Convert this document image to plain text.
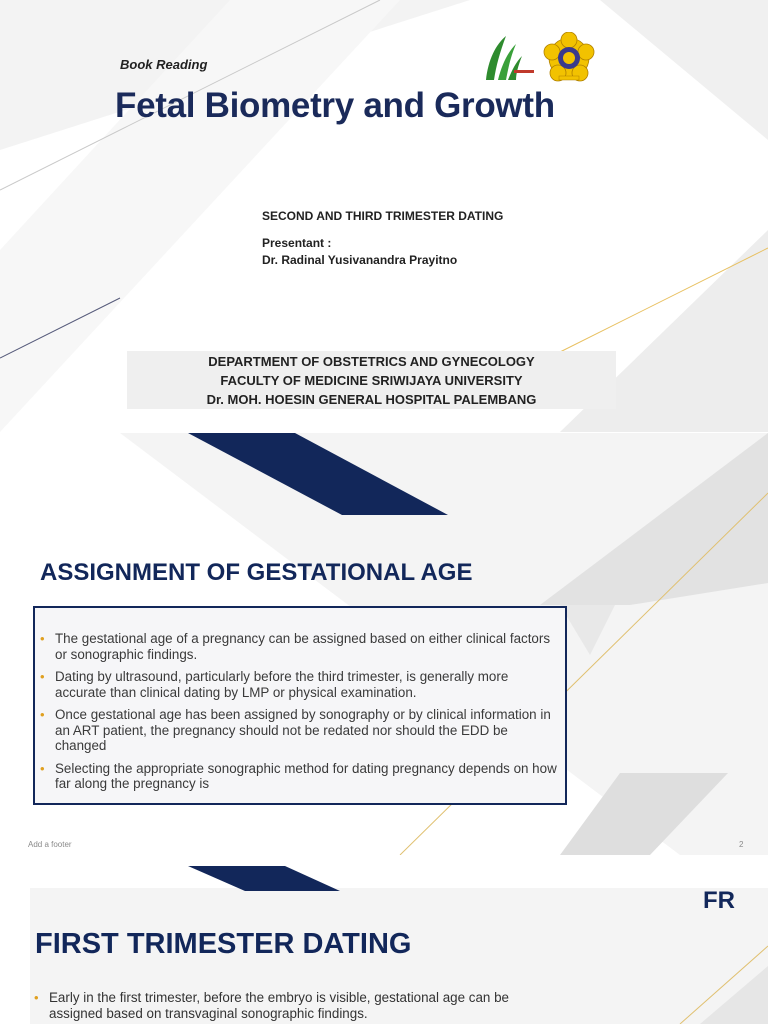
Book Reading
Fetal Biometry and Growth
SECOND AND THIRD TRIMESTER DATING
Presentant :
Dr. Radinal Yusivanandra Prayitno
DEPARTMENT OF OBSTETRICS AND GYNECOLOGY
FACULTY OF MEDICINE SRIWIJAYA UNIVERSITY
Dr. MOH. HOESIN GENERAL HOSPITAL PALEMBANG
ASSIGNMENT OF GESTATIONAL AGE
• The gestational age of a pregnancy can be assigned based on either clinical factors or sonographic findings.
• Dating by ultrasound, particularly before the third trimester, is generally more accurate than clinical dating by LMP or physical examination.
• Once gestational age has been assigned by sonography or by clinical information in an ART patient, the pregnancy should not be redated nor should the EDD be changed
• Selecting the appropriate sonographic method for dating pregnancy depends on how far along the pregnancy is
Add a footer	2
FR
FIRST TRIMESTER DATING
• Early in the first trimester, before the embryo is visible, gestational age can be assigned based on transvaginal sonographic findings.
